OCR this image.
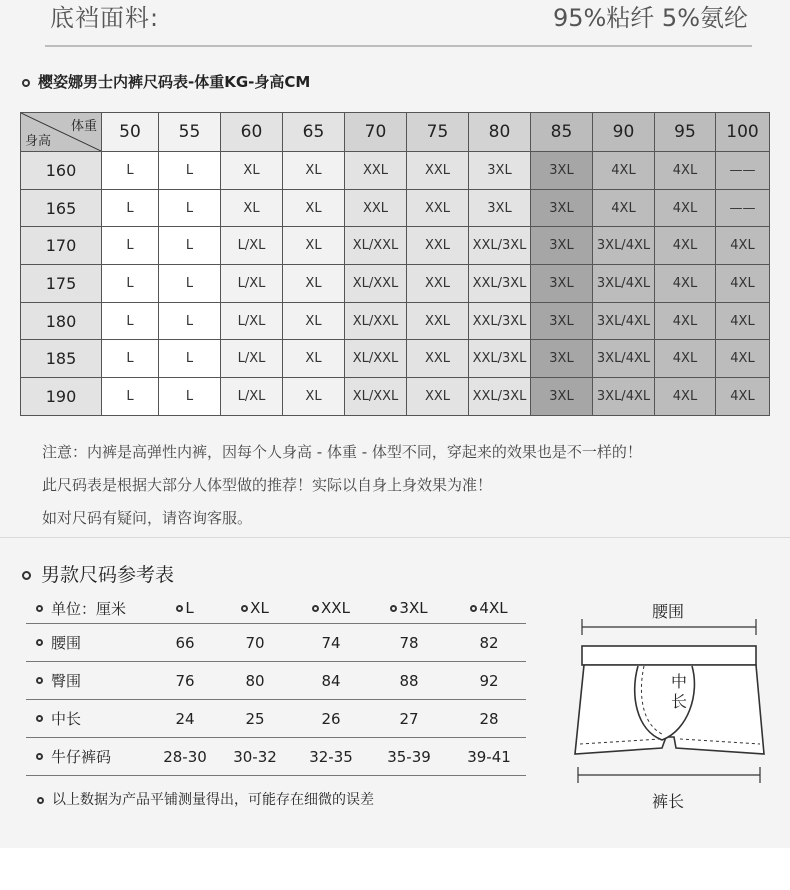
底裆面料:	95%粘纤 5%氨纶
樱姿娜男士内裤尺码表-体重KG-身高CM
体重
身高	50	55	60	65	70	75	80	85	90	95	100
160	L	L	XL	XL	XXL	XXL	3XL	3XL	4XL	4XL	——
165	L	L	XL	XL	XXL	XXL	3XL	3XL	4XL	4XL	——
170	L	L	L/XL	XL	XL/XXL	XXL	XXL/3XL	3XL	3XL/4XL	4XL	4XL
175	L	L	L/XL	XL	XL/XXL	XXL	XXL/3XL	3XL	3XL/4XL	4XL	4XL
180	L	L	L/XL	XL	XL/XXL	XXL	XXL/3XL	3XL	3XL/4XL	4XL	4XL
185	L	L	L/XL	XL	XL/XXL	XXL	XXL/3XL	3XL	3XL/4XL	4XL	4XL
190	L	L	L/XL	XL	XL/XXL	XXL	XXL/3XL	3XL	3XL/4XL	4XL	4XL

注意：内裤是高弹性内裤，因每个人身高 - 体重 - 体型不同，穿起来的效果也是不一样的！

此尺码表是根据大部分人体型做的推荐！实际以自身上身效果为准！

如对尺码有疑问，请咨询客服。

男款尺码参考表
单位：厘米	L	XL	XXL	3XL	4XL
腰围	66	70	74	78	82
臀围	76	80	84	88	92
中长	24	25	26	27	28
牛仔裤码	28-30	30-32	32-35	35-39	39-41
以上数据为产品平铺测量得出，可能存在细微的误差
腰围
中长
裤长
